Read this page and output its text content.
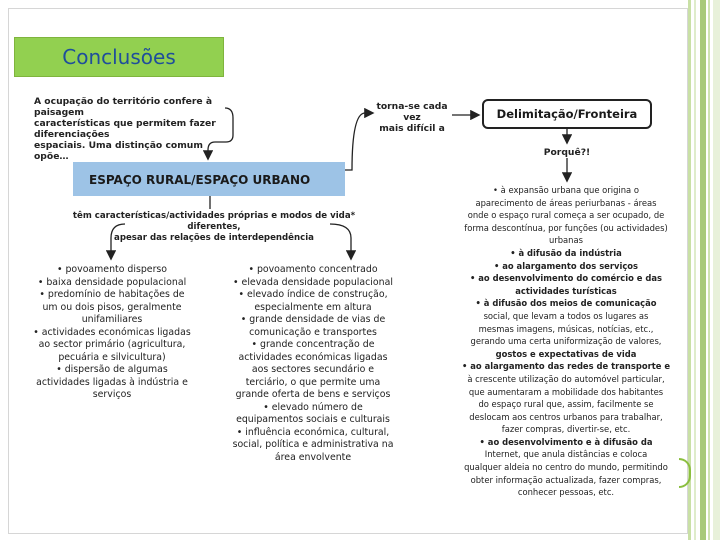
Conclusões
A ocupação do território confere à paisagem
características que permitem fazer diferenciações
espaciais. Uma distinção comum opõe…
torna-se cada vez
mais difícil a
Delimitação/Fronteira
Porquê?!
ESPAÇO RURAL/ESPAÇO URBANO
têm características/actividades próprias e modos de vida* diferentes,
apesar das relações de interdependência
• povoamento disperso
• baixa densidade populacional
• predomínio de habitações de
um ou dois pisos, geralmente
unifamiliares
• actividades económicas ligadas
ao sector primário (agricultura,
pecuária e silvicultura)
• dispersão de algumas
actividades ligadas à indústria e
serviços
• povoamento concentrado
• elevada densidade populacional
• elevado índice de construção,
especialmente em altura
• grande densidade de vias de
comunicação e transportes
• grande concentração de
actividades económicas ligadas
aos sectores secundário e
terciário, o que permite uma
grande oferta de bens e serviços
• elevado número de
equipamentos sociais e culturais
• influência económica, cultural,
social, política e administrativa na
área envolvente
• à expansão urbana que origina o
aparecimento de áreas periurbanas - áreas
onde o espaço rural começa a ser ocupado, de
forma descontínua, por funções (ou actividades)
urbanas
• à difusão da indústria
• ao alargamento dos serviços
• ao desenvolvimento do comércio e das
actividades turísticas
• à difusão dos meios de comunicação
social, que levam a todos os lugares as
mesmas imagens, músicas, notícias, etc.,
gerando uma certa uniformização de valores,
gostos e expectativas de vida
• ao alargamento das redes de transporte e
à crescente utilização do automóvel particular,
que aumentaram a mobilidade dos habitantes
do espaço rural que, assim, facilmente se
deslocam aos centros urbanos para trabalhar,
fazer compras, divertir-se, etc.
• ao desenvolvimento e à difusão da
Internet, que anula distâncias e coloca
qualquer aldeia no centro do mundo, permitindo
obter informação actualizada, fazer compras,
conhecer pessoas, etc.
